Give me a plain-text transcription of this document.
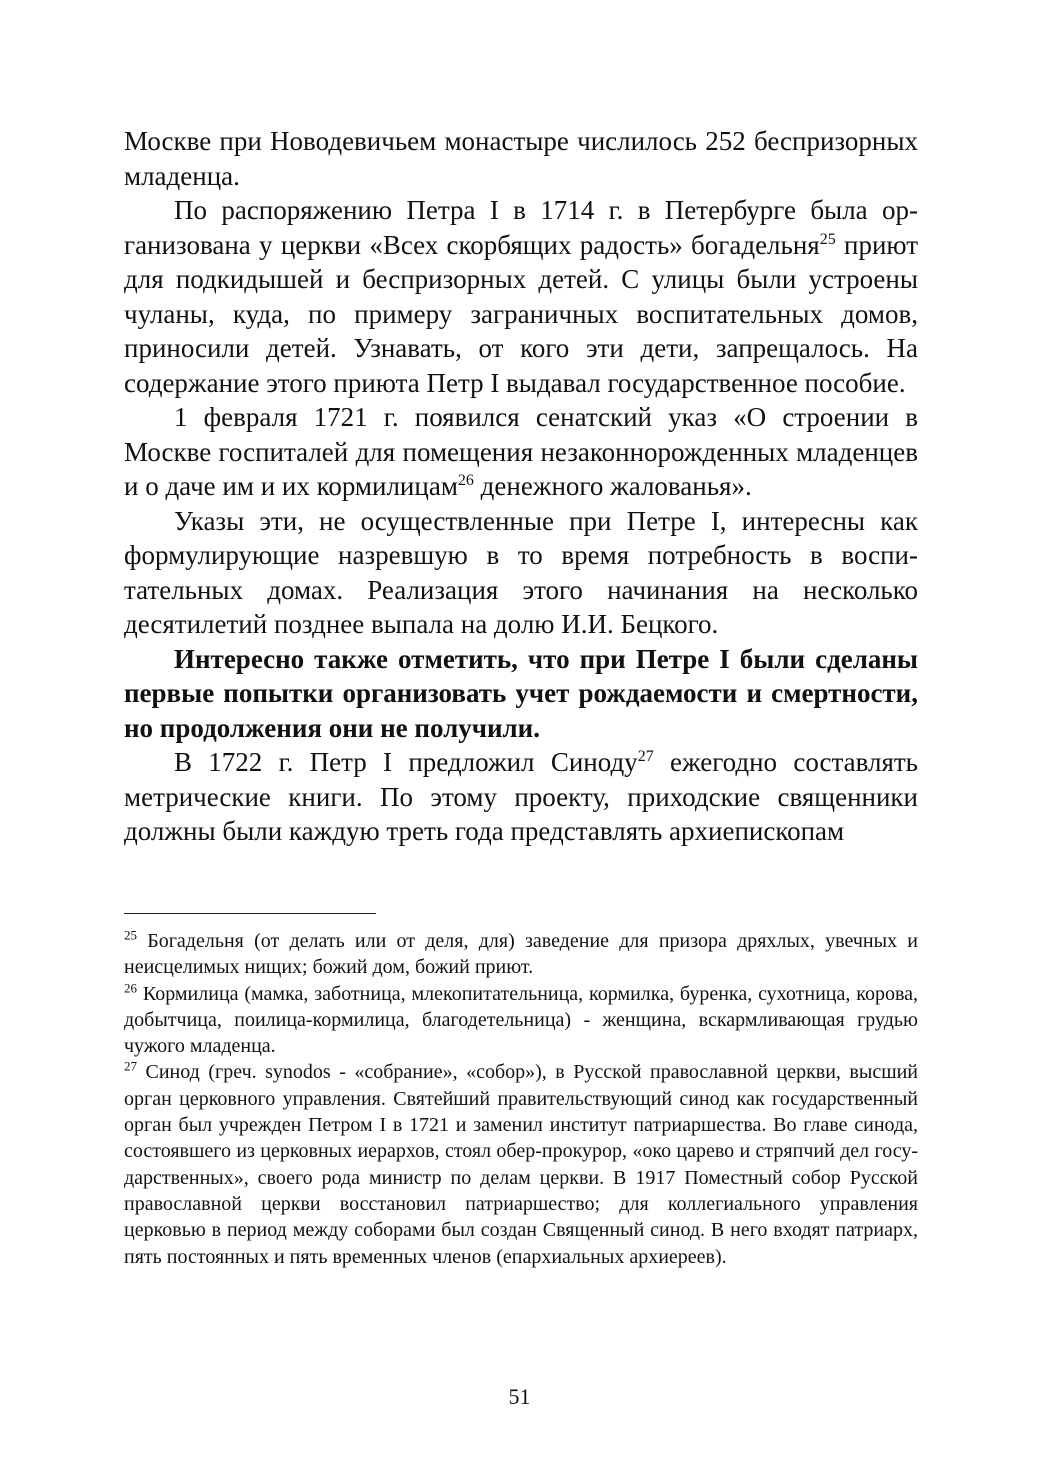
Москве при Новодевичьем монастыре числилось 252 беспризорных младенца.

По распоряжению Петра I в 1714 г. в Петербурге была организована у церкви «Всех скорбящих радость» богадельня$^{25}$ приют для подкидышей и беспризорных детей. С улицы были устроены чуланы, куда, по примеру заграничных воспитательных домов, приносили детей. Узнавать, от кого эти дети, запрещалось. На содержание этого приюта Петр I выдавал государственное пособие.

1 февраля 1721 г. появился сенатский указ «О строении в Москве госпиталей для помещения незаконнорожденных младенцев и о даче им и их кормилицам$^{26}$ денежного жалованья».

Указы эти, не осуществленные при Петре I, интересны как формулирующие назревшую в то время потребность в воспитательных домах. Реализация этого начинания на несколько десятилетий позднее выпала на долю И.И. Бецкого.

Интересно также отметить, что при Петре I были сделаны первые попытки организовать учет рождаемости и смертности, но продолжения они не получили.

В 1722 г. Петр I предложил Синоду$^{27}$ ежегодно составлять метрические книги. По этому проекту, приходские священники должны были каждую треть года представлять архиепископам

$^{25}$ Богадельня (от делать или от деля, для) заведение для призора дряхлых, увечных и неисцелимых нищих; божий дом, божий приют.

$^{26}$ Кормилица (мамка, заботница, млекопитательница, кормилка, буренка, сухотница, корова, добытчица, поилица-кормилица, благодетельница) - женщина, вскармливающая грудью чужого младенца.

$^{27}$ Синод (греч. synodos - «собрание», «собор»), в Русской православной церкви, высший орган церковного управления. Святейший правительствующий синод как государственный орган был учрежден Петром I в 1721 и заменил институт патриаршества. Во главе синода, состоявшего из церковных иерархов, стоял обер-прокурор, «око царево и стряпчий дел государственных», своего рода министр по делам церкви. В 1917 Поместный собор Русской православной церкви восстановил патриаршество; для коллегиального управления церковью в период между соборами был создан Священный синод. В него входят патриарх, пять постоянных и пять временных членов (епархиальных архиереев).

51
